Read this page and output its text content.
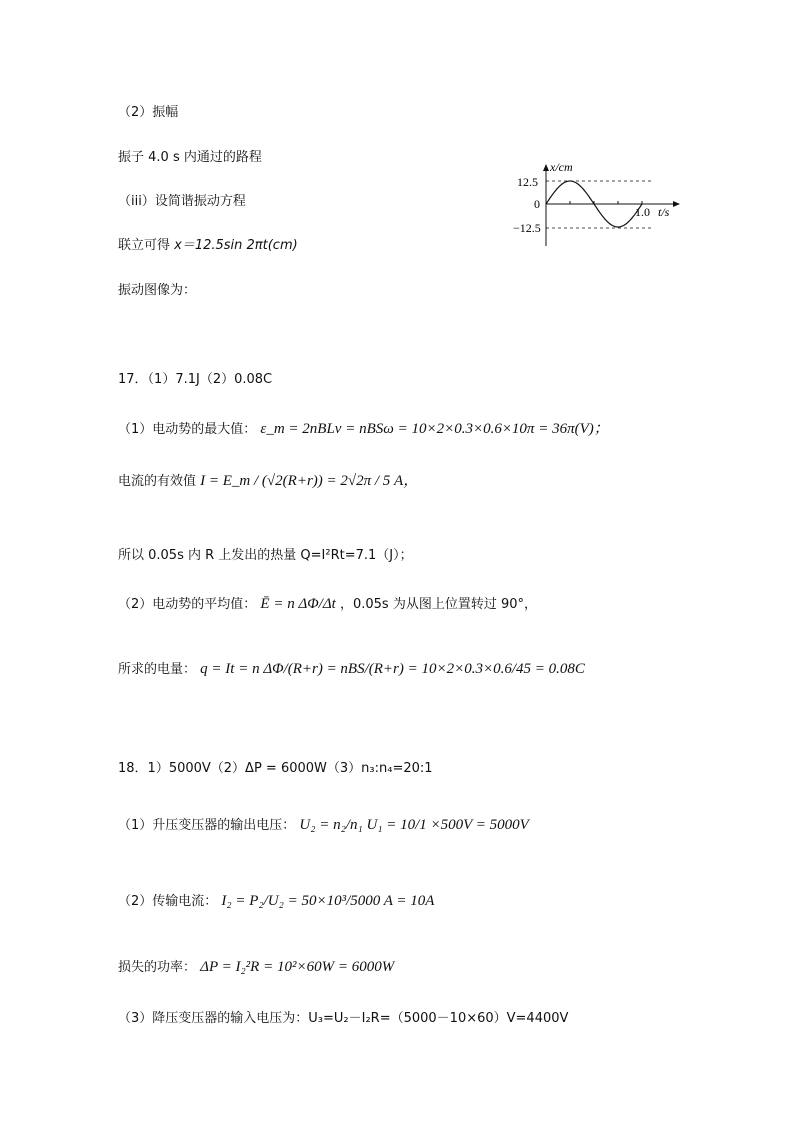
（2）振幅
振子 4.0 s 内通过的路程
（iii）设简谐振动方程
联立可得 x＝12.5sin 2πt(cm)
振动图像为：
x/cm
t/s
12.5
0
−12.5
1.0
17．（1）7.1J（2）0.08C
（1）电动势的最大值： ε_m = 2nBLv = nBSω = 10×2×0.3×0.6×10π = 36π(V)；
电流的有效值 I = E_m / (√2(R+r)) = 2√2π / 5 A，
所以 0.05s 内 R 上发出的热量 Q=I²Rt=7.1（J）；
（2）电动势的平均值： Ē = n ΔΦ/Δt ，0.05s 为从图上位置转过 90°，
所求的电量： q = It = n ΔΦ/(R+r) = nBS/(R+r) = 10×2×0.3×0.6/45 = 0.08C
18．1）5000V（2）ΔP = 6000W（3）n₃:n₄=20:1
（1）升压变压器的输出电压： U₂ = n₂/n₁ U₁ = 10/1 ×500V = 5000V
（2）传输电流： I₂ = P₂/U₂ = 50×10³/5000 A = 10A
损失的功率： ΔP = I₂²R = 10²×60W = 6000W
（3）降压变压器的输入电压为：U₃=U₂－I₂R=（5000－10×60）V=4400V
